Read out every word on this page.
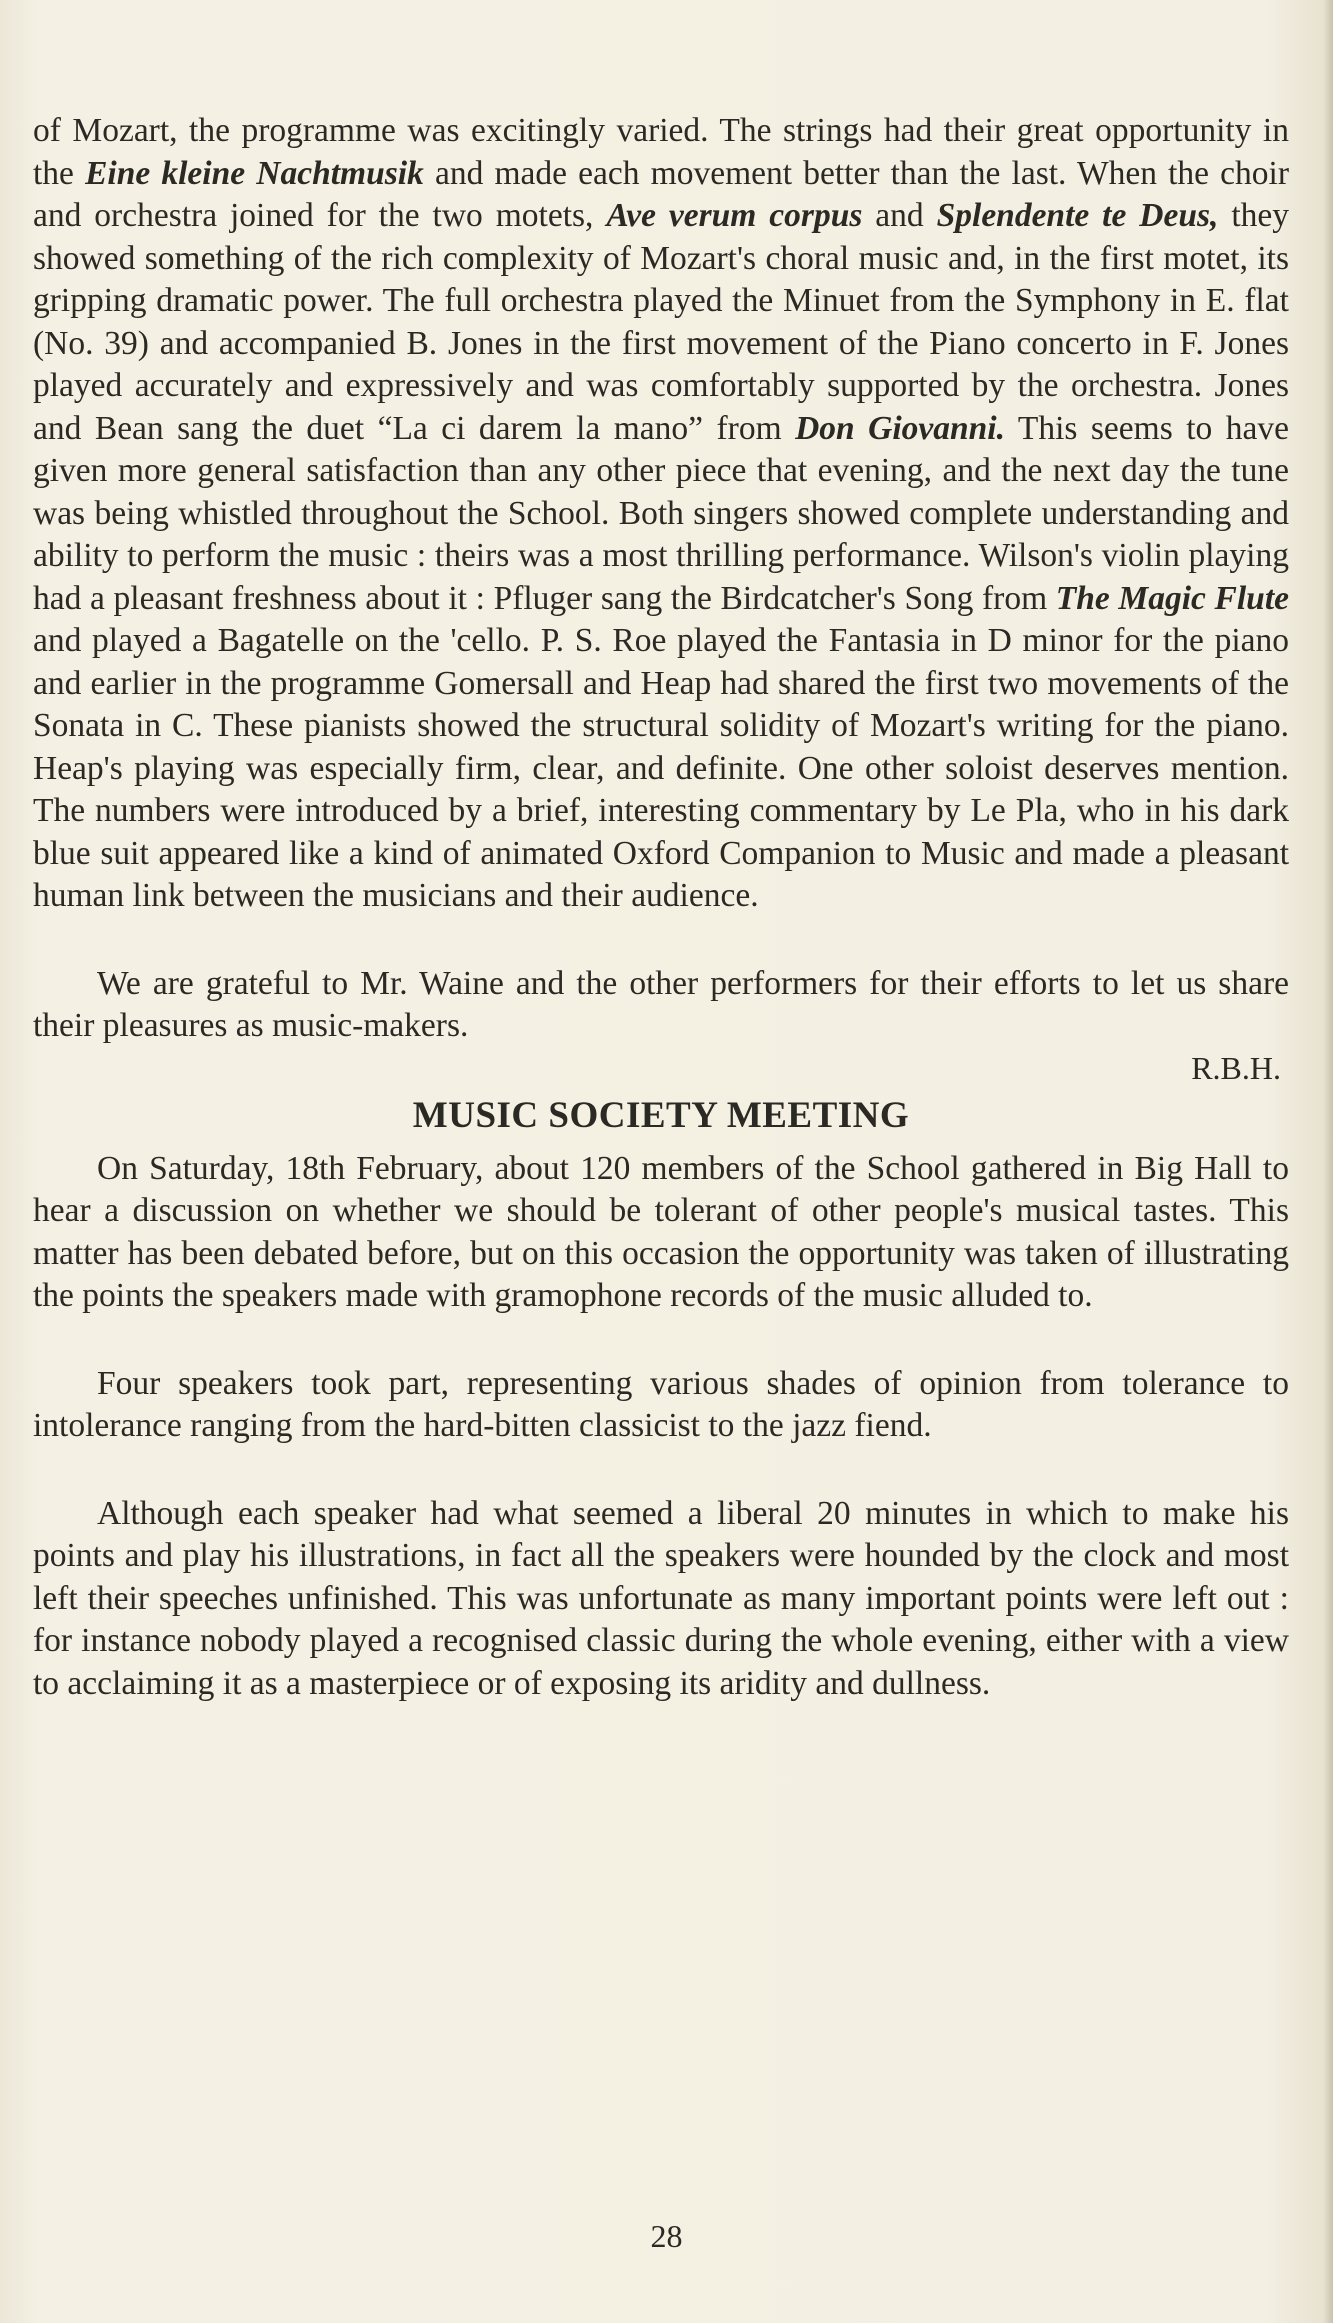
of Mozart, the programme was excitingly varied. The strings had their great opportunity in the Eine kleine Nachtmusik and made each movement better than the last. When the choir and orchestra joined for the two motets, Ave verum corpus and Splendente te Deus, they showed something of the rich complexity of Mozart's choral music and, in the first motet, its gripping dramatic power. The full orchestra played the Minuet from the Symphony in E. flat (No. 39) and accompanied B. Jones in the first movement of the Piano concerto in F. Jones played accurately and expressively and was comfortably supported by the orchestra. Jones and Bean sang the duet “La ci darem la mano” from Don Giovanni. This seems to have given more general satisfaction than any other piece that evening, and the next day the tune was being whistled throughout the School. Both singers showed complete understanding and ability to perform the music : theirs was a most thrilling performance. Wilson's violin playing had a pleasant freshness about it : Pfluger sang the Birdcatcher's Song from The Magic Flute and played a Bagatelle on the 'cello. P. S. Roe played the Fantasia in D minor for the piano and earlier in the programme Gomersall and Heap had shared the first two movements of the Sonata in C. These pianists showed the structural solidity of Mozart's writing for the piano. Heap's playing was especially firm, clear, and definite. One other soloist deserves mention. The numbers were introduced by a brief, interesting commentary by Le Pla, who in his dark blue suit appeared like a kind of animated Oxford Companion to Music and made a pleasant human link between the musicians and their audience.

We are grateful to Mr. Waine and the other performers for their efforts to let us share their pleasures as music-makers.

R.B.H.

MUSIC SOCIETY MEETING

On Saturday, 18th February, about 120 members of the School gathered in Big Hall to hear a discussion on whether we should be tolerant of other people's musical tastes. This matter has been debated before, but on this occasion the opportunity was taken of illustrating the points the speakers made with gramophone records of the music alluded to.

Four speakers took part, representing various shades of opinion from tolerance to intolerance ranging from the hard-bitten classicist to the jazz fiend.

Although each speaker had what seemed a liberal 20 minutes in which to make his points and play his illustrations, in fact all the speakers were hounded by the clock and most left their speeches unfinished. This was unfortunate as many important points were left out : for instance nobody played a recognised classic during the whole evening, either with a view to acclaiming it as a masterpiece or of exposing its aridity and dullness.

28
